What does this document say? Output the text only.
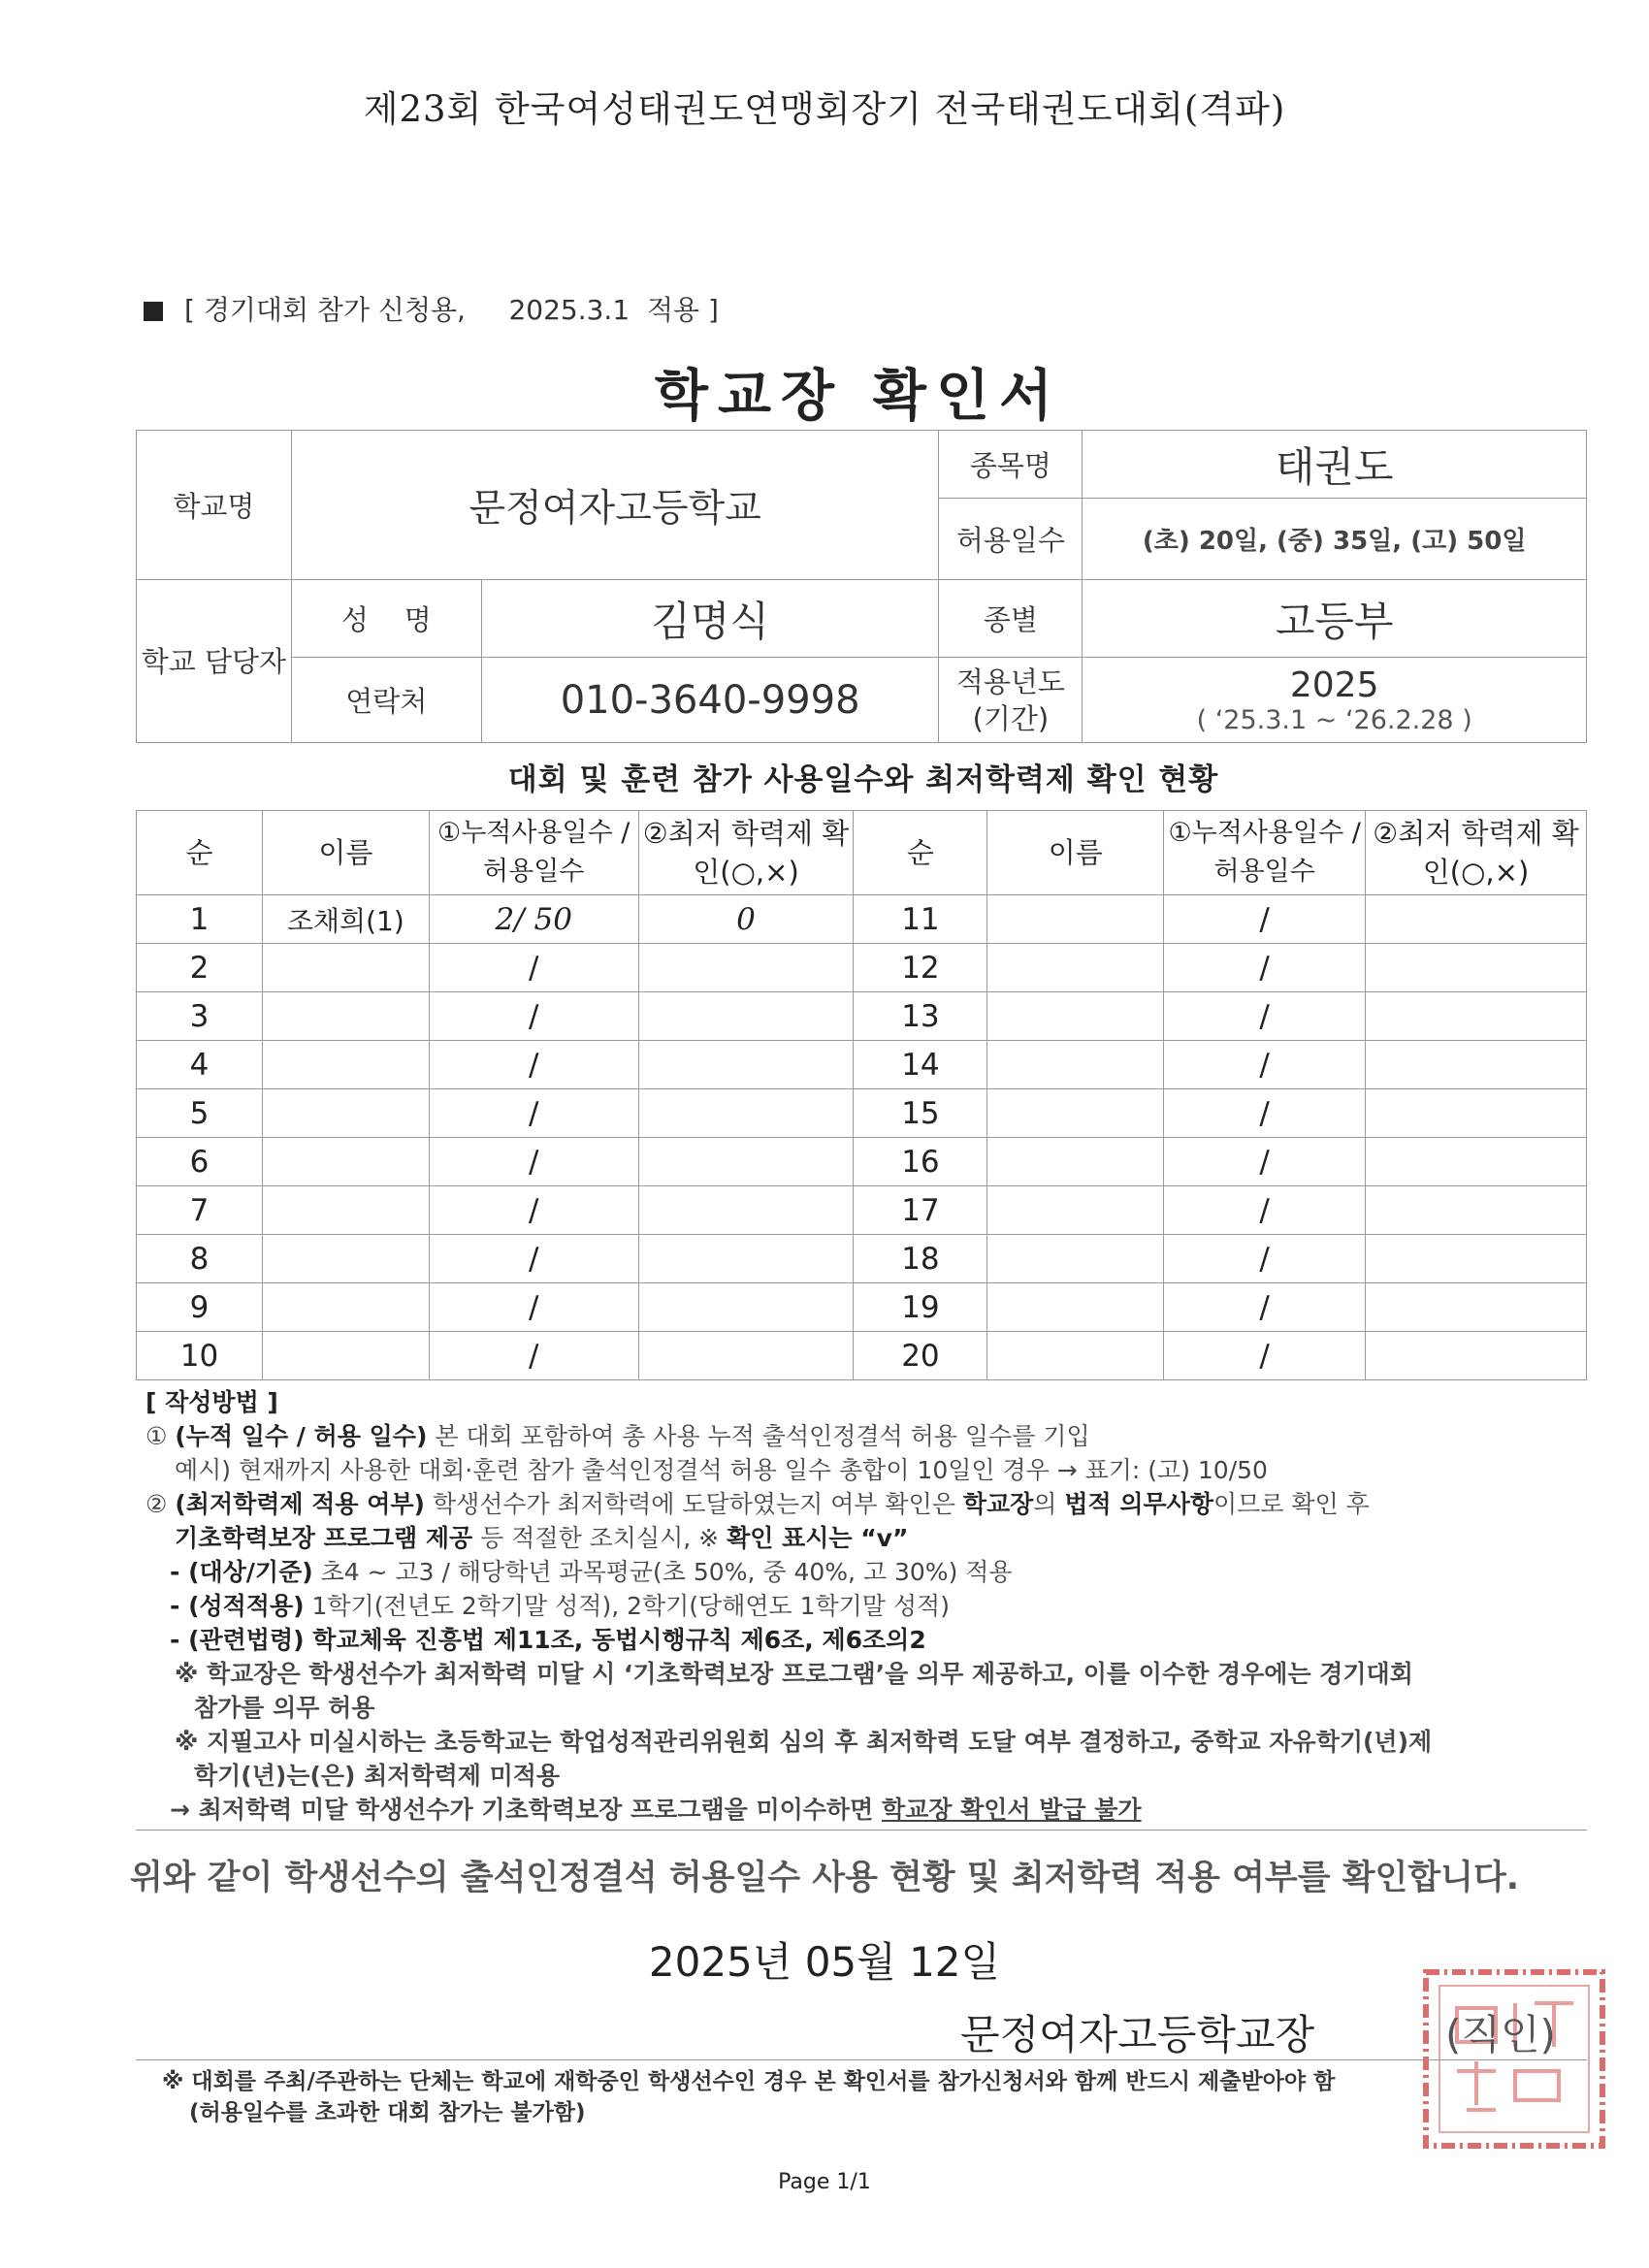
제23회 한국여성태권도연맹회장기 전국태권도대회(격파)
[ 경기대회 참가 신청용,     2025.3.1  적용 ]
학교장 확인서
학교명	문정여자고등학교		종목명	태권도
			허용일수	(초) 20일, (중) 35일, (고) 50일
학교 담당자	성    명	김명식	종별	고등부
	연락처	010-3640-9998	적용년도 (기간)	2025
( ‘25.3.1 ~ ‘26.2.28 )
대회 및 훈련 참가 사용일수와 최저학력제 확인 현황
순	이름	①누적사용일수 /허용일수	②최저 학력제 확인(○,×)	순	이름	①누적사용일수 /허용일수	②최저 학력제 확인(○,×)
1	조채희(1)	2/ 50	0	11		/	
2		/		12		/	
3		/		13		/	
4		/		14		/	
5		/		15		/	
6		/		16		/	
7		/		17		/	
8		/		18		/	
9		/		19		/	
10		/		20		/	
[ 작성방법 ]
① (누적 일수 / 허용 일수) 본 대회 포함하여 총 사용 누적 출석인정결석 허용 일수를 기입
예시) 현재까지 사용한 대회·훈련 참가 출석인정결석 허용 일수 총합이 10일인 경우 → 표기: (고) 10/50
② (최저학력제 적용 여부) 학생선수가 최저학력에 도달하였는지 여부 확인은 학교장의 법적 의무사항이므로 확인 후
기초학력보장 프로그램 제공 등 적절한 조치실시, ※ 확인 표시는 “v”
- (대상/기준) 초4 ~ 고3 / 해당학년 과목평균(초 50%, 중 40%, 고 30%) 적용
- (성적적용) 1학기(전년도 2학기말 성적), 2학기(당해연도 1학기말 성적)
- (관련법령) 학교체육 진흥법 제11조, 동법시행규칙 제6조, 제6조의2
※ 학교장은 학생선수가 최저학력 미달 시 ‘기초학력보장 프로그램’을 의무 제공하고, 이를 이수한 경우에는 경기대회
참가를 의무 허용
※ 지필고사 미실시하는 초등학교는 학업성적관리위원회 심의 후 최저학력 도달 여부 결정하고, 중학교 자유학기(년)제
학기(년)는(은) 최저학력제 미적용
→ 최저학력 미달 학생선수가 기초학력보장 프로그램을 미이수하면 학교장 확인서 발급 불가
위와 같이 학생선수의 출석인정결석 허용일수 사용 현황 및 최저학력 적용 여부를 확인합니다.
2025년 05월 12일
문정여자고등학교장	(직인)
※ 대회를 주최/주관하는 단체는 학교에 재학중인 학생선수인 경우 본 확인서를 참가신청서와 함께 반드시 제출받아야 함
(허용일수를 초과한 대회 참가는 불가함)
Page 1/1
